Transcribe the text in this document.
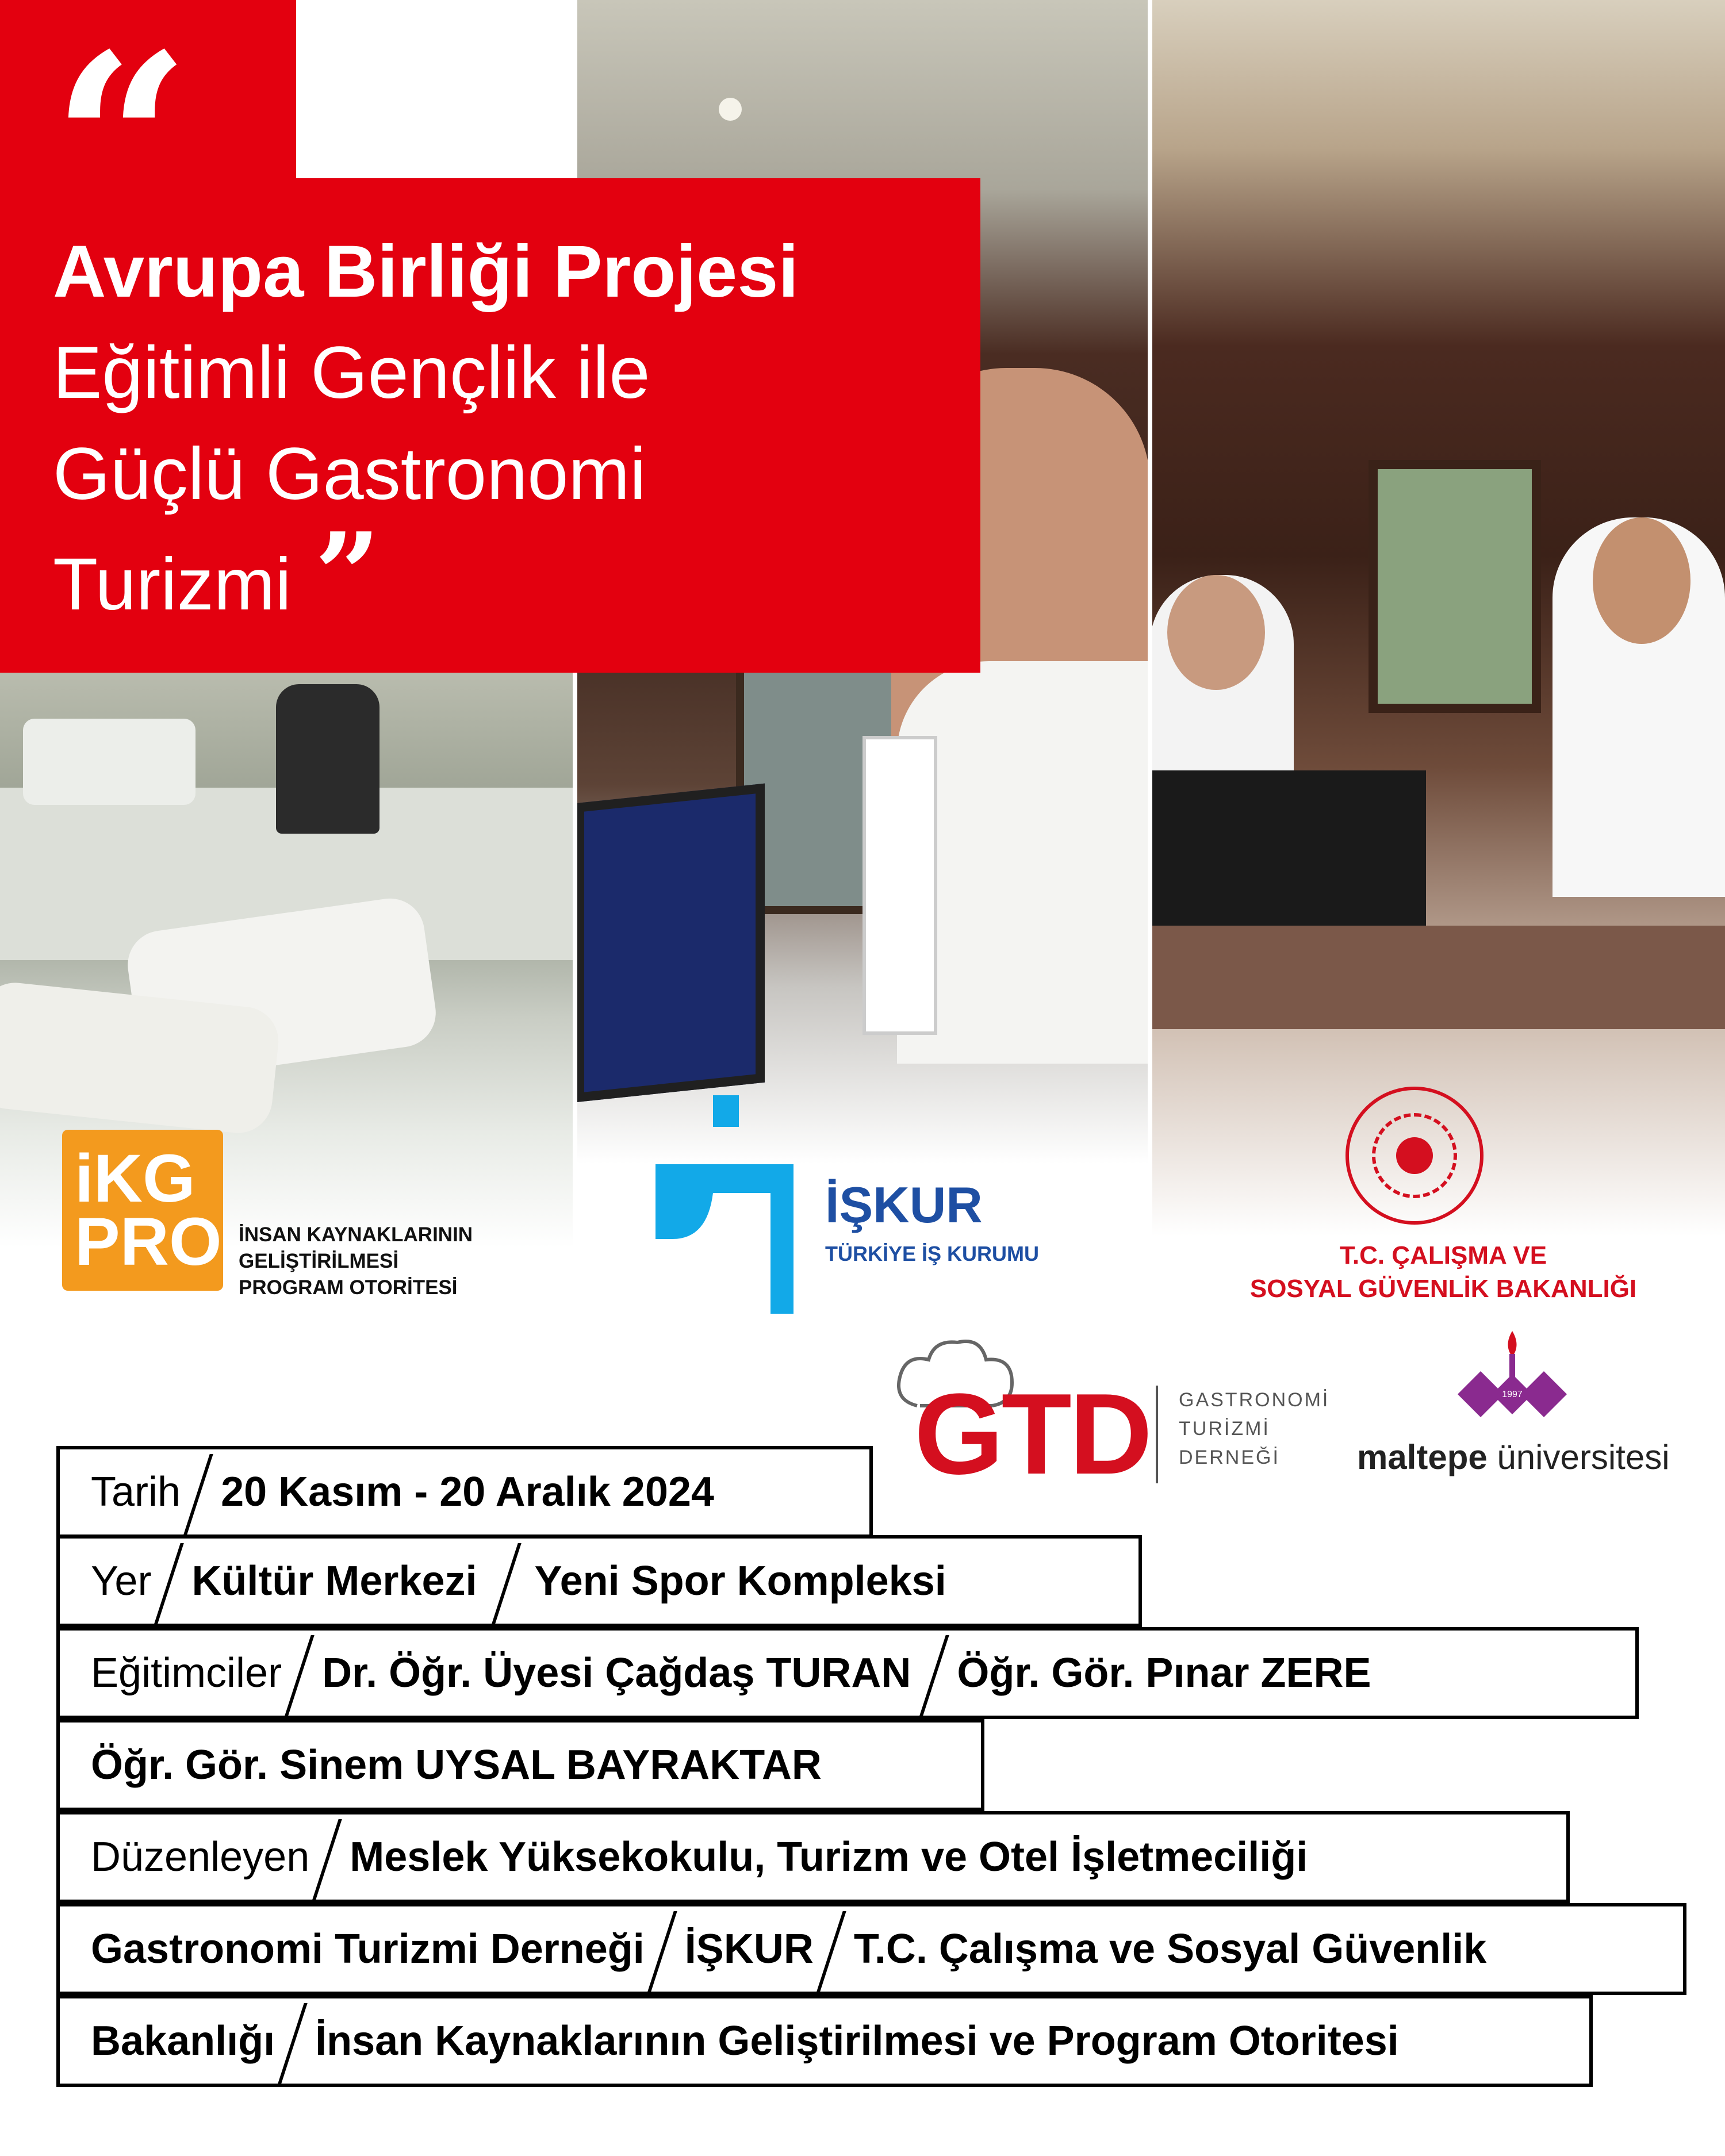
“
Avrupa Birliği Projesi
Eğitimli Gençlik ile
Güçlü Gastronomi
Turizmi ”
iKG
PRO İNSAN KAYNAKLARININ
GELİŞTİRİLMESİ
PROGRAM OTORİTESİ
İŞKUR
TÜRKİYE İŞ KURUMU	T.C. ÇALIŞMA VE
SOSYAL GÜVENLİK BAKANLIĞI
GTD GASTRONOMİ
TURİZMİ
DERNEĞİ
1997
maltepe üniversitesi
Tarih 20 Kasım - 20 Aralık 2024
Yer Kültür Merkezi Yeni Spor Kompleksi
Eğitimciler Dr. Öğr. Üyesi Çağdaş TURAN Öğr. Gör. Pınar ZERE
Öğr. Gör. Sinem UYSAL BAYRAKTAR
Düzenleyen Meslek Yüksekokulu, Turizm ve Otel İşletmeciliği
Gastronomi Turizmi Derneği İŞKUR T.C. Çalışma ve Sosyal Güvenlik
Bakanlığı İnsan Kaynaklarının Geliştirilmesi ve Program Otoritesi
